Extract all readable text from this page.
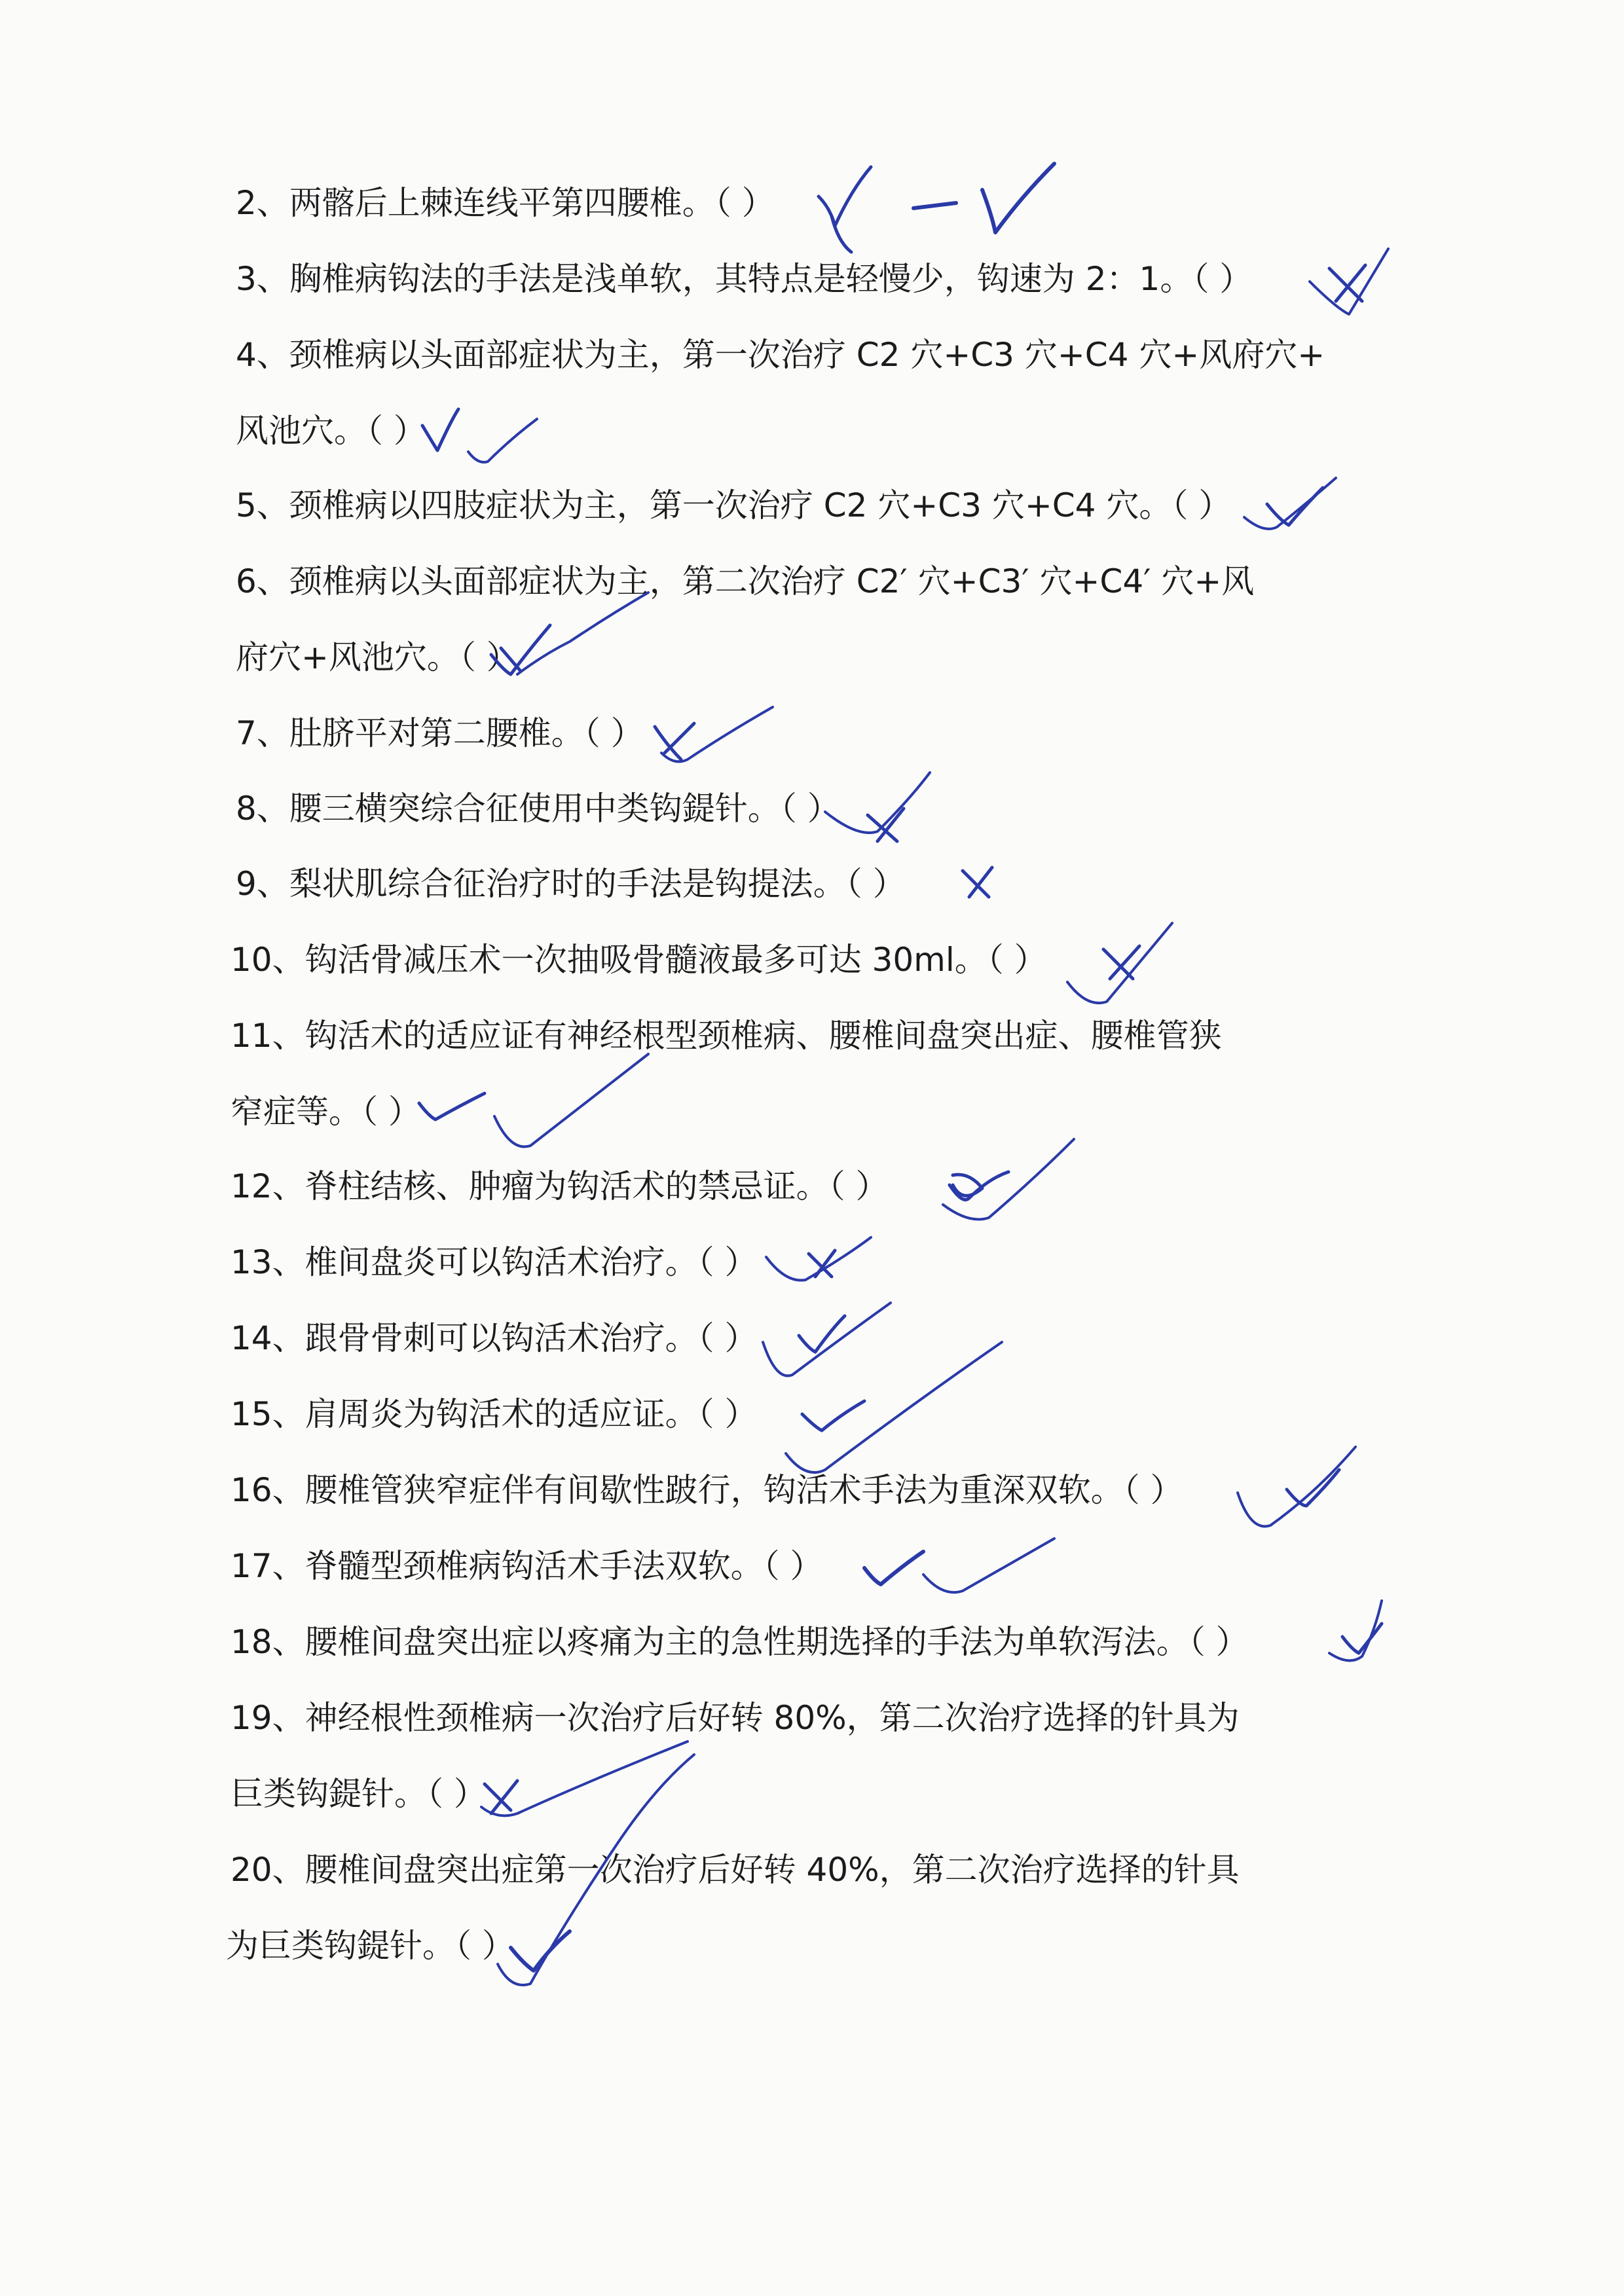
2、两髂后上棘连线平第四腰椎。（ ）
3、胸椎病钩法的手法是浅单软，其特点是轻慢少，钩速为 2：1。（ ）
4、颈椎病以头面部症状为主，第一次治疗 C2 穴+C3 穴+C4 穴+风府穴+
风池穴。（ ）
5、颈椎病以四肢症状为主，第一次治疗 C2 穴+C3 穴+C4 穴。（ ）
6、颈椎病以头面部症状为主，第二次治疗 C2′ 穴+C3′ 穴+C4′ 穴+风
府穴+风池穴。（ ）
7、肚脐平对第二腰椎。（ ）
8、腰三横突综合征使用中类钩鍉针。（ ）
9、梨状肌综合征治疗时的手法是钩提法。（ ）
10、钩活骨减压术一次抽吸骨髓液最多可达 30ml。（ ）
11、钩活术的适应证有神经根型颈椎病、腰椎间盘突出症、腰椎管狭
窄症等。（ ）
12、脊柱结核、肿瘤为钩活术的禁忌证。（ ）
13、椎间盘炎可以钩活术治疗。（ ）
14、跟骨骨刺可以钩活术治疗。（ ）
15、肩周炎为钩活术的适应证。（ ）
16、腰椎管狭窄症伴有间歇性跛行，钩活术手法为重深双软。（ ）
17、脊髓型颈椎病钩活术手法双软。（ ）
18、腰椎间盘突出症以疼痛为主的急性期选择的手法为单软泻法。（ ）
19、神经根性颈椎病一次治疗后好转 80%，第二次治疗选择的针具为
巨类钩鍉针。（ ）
20、腰椎间盘突出症第一次治疗后好转 40%，第二次治疗选择的针具
为巨类钩鍉针。（ ）
